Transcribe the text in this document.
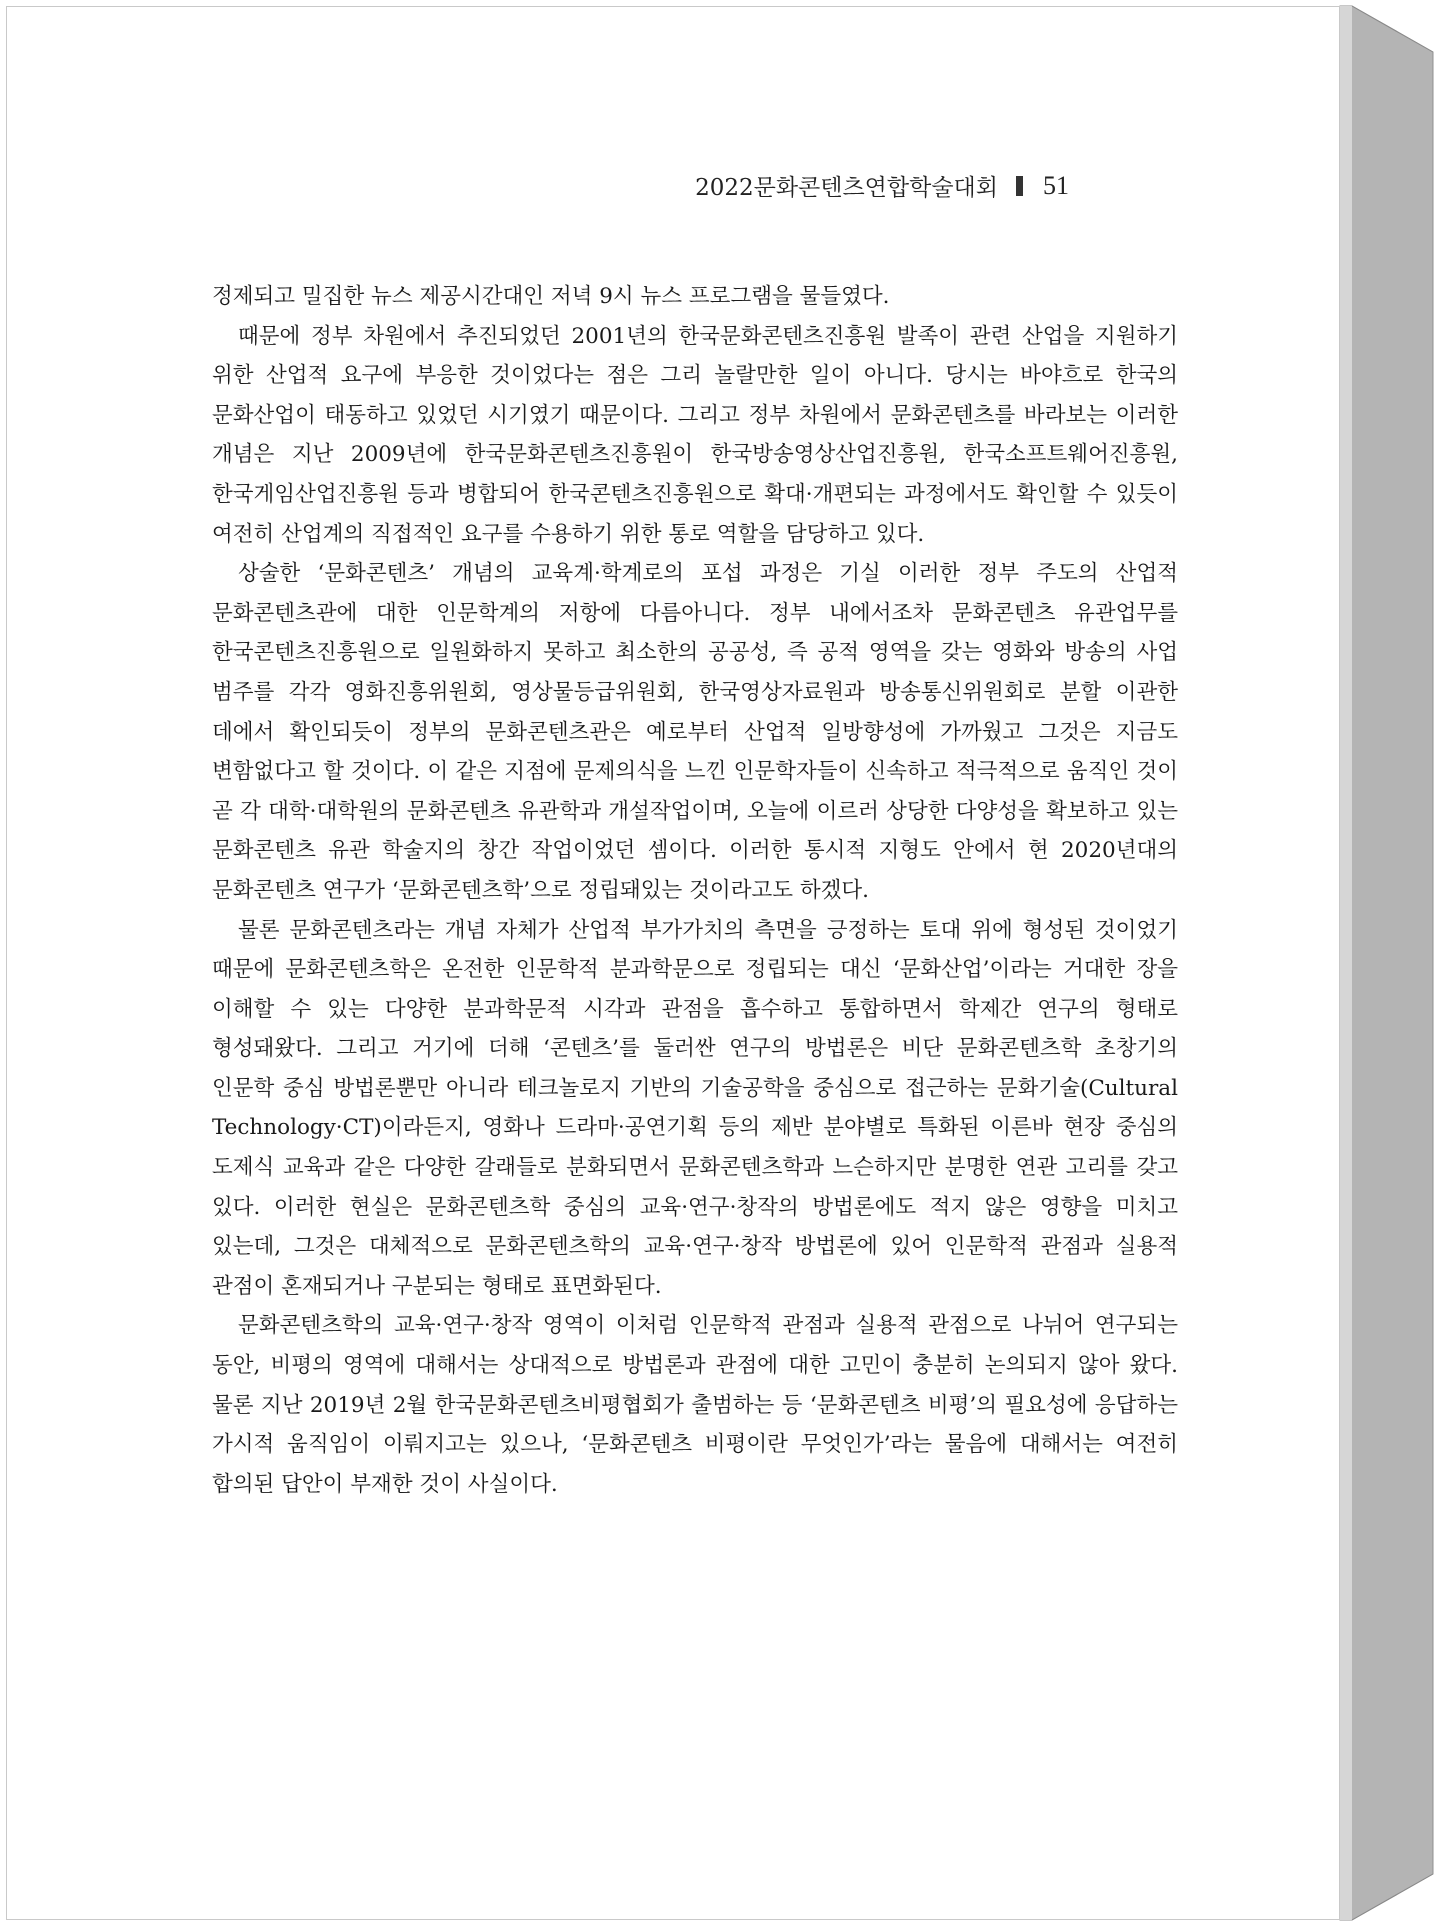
2022문화콘텐츠연합학술대회 51

정제되고 밀집한 뉴스 제공시간대인 저녁 9시 뉴스 프로그램을 물들였다.

때문에 정부 차원에서 추진되었던 2001년의 한국문화콘텐츠진흥원 발족이 관련 산업을 지원하기 위한 산업적 요구에 부응한 것이었다는 점은 그리 놀랄만한 일이 아니다. 당시는 바야흐로 한국의 문화산업이 태동하고 있었던 시기였기 때문이다. 그리고 정부 차원에서 문화콘텐츠를 바라보는 이러한 개념은 지난 2009년에 한국문화콘텐츠진흥원이 한국방송영상산업진흥원, 한국소프트웨어진흥원, 한국게임산업진흥원 등과 병합되어 한국콘텐츠진흥원으로 확대·개편되는 과정에서도 확인할 수 있듯이 여전히 산업계의 직접적인 요구를 수용하기 위한 통로 역할을 담당하고 있다.

상술한 ‘문화콘텐츠’ 개념의 교육계·학계로의 포섭 과정은 기실 이러한 정부 주도의 산업적 문화콘텐츠관에 대한 인문학계의 저항에 다름아니다. 정부 내에서조차 문화콘텐츠 유관업무를 한국콘텐츠진흥원으로 일원화하지 못하고 최소한의 공공성, 즉 공적 영역을 갖는 영화와 방송의 사업 범주를 각각 영화진흥위원회, 영상물등급위원회, 한국영상자료원과 방송통신위원회로 분할 이관한 데에서 확인되듯이 정부의 문화콘텐츠관은 예로부터 산업적 일방향성에 가까웠고 그것은 지금도 변함없다고 할 것이다. 이 같은 지점에 문제의식을 느낀 인문학자들이 신속하고 적극적으로 움직인 것이 곧 각 대학·대학원의 문화콘텐츠 유관학과 개설작업이며, 오늘에 이르러 상당한 다양성을 확보하고 있는 문화콘텐츠 유관 학술지의 창간 작업이었던 셈이다. 이러한 통시적 지형도 안에서 현 2020년대의 문화콘텐츠 연구가 ‘문화콘텐츠학’으로 정립돼있는 것이라고도 하겠다.

물론 문화콘텐츠라는 개념 자체가 산업적 부가가치의 측면을 긍정하는 토대 위에 형성된 것이었기 때문에 문화콘텐츠학은 온전한 인문학적 분과학문으로 정립되는 대신 ‘문화산업’이라는 거대한 장을 이해할 수 있는 다양한 분과학문적 시각과 관점을 흡수하고 통합하면서 학제간 연구의 형태로 형성돼왔다. 그리고 거기에 더해 ‘콘텐츠’를 둘러싼 연구의 방법론은 비단 문화콘텐츠학 초창기의 인문학 중심 방법론뿐만 아니라 테크놀로지 기반의 기술공학을 중심으로 접근하는 문화기술(Cultural Technology·CT)이라든지, 영화나 드라마·공연기획 등의 제반 분야별로 특화된 이른바 현장 중심의 도제식 교육과 같은 다양한 갈래들로 분화되면서 문화콘텐츠학과 느슨하지만 분명한 연관 고리를 갖고 있다. 이러한 현실은 문화콘텐츠학 중심의 교육·연구·창작의 방법론에도 적지 않은 영향을 미치고 있는데, 그것은 대체적으로 문화콘텐츠학의 교육·연구·창작 방법론에 있어 인문학적 관점과 실용적 관점이 혼재되거나 구분되는 형태로 표면화된다.

문화콘텐츠학의 교육·연구·창작 영역이 이처럼 인문학적 관점과 실용적 관점으로 나뉘어 연구되는 동안, 비평의 영역에 대해서는 상대적으로 방법론과 관점에 대한 고민이 충분히 논의되지 않아 왔다. 물론 지난 2019년 2월 한국문화콘텐츠비평협회가 출범하는 등 ‘문화콘텐츠 비평’의 필요성에 응답하는 가시적 움직임이 이뤄지고는 있으나, ‘문화콘텐츠 비평이란 무엇인가’라는 물음에 대해서는 여전히 합의된 답안이 부재한 것이 사실이다.
